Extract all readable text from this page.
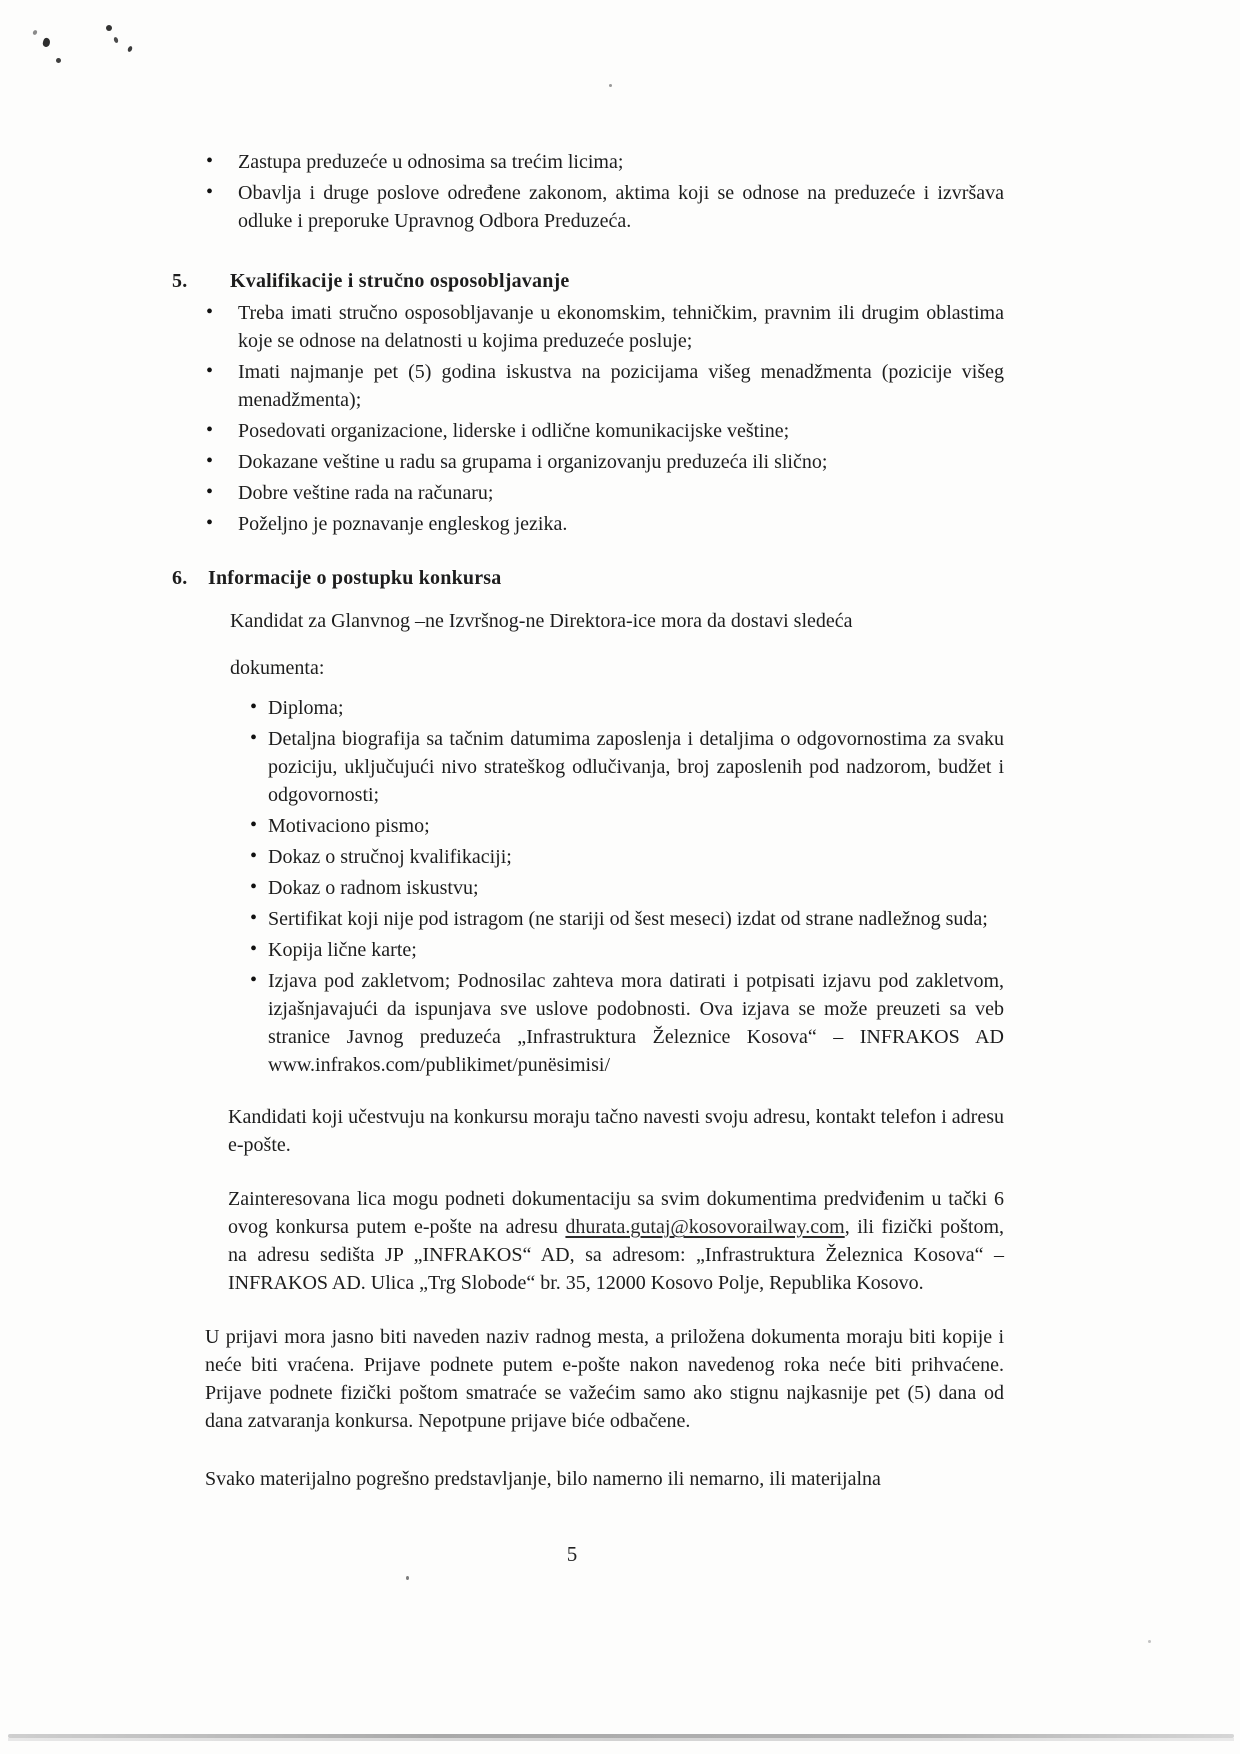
• Zastupa preduzeće u odnosima sa trećim licima;
• Obavlja i druge poslove određene zakonom, aktima koji se odnose na preduzeće i izvršava odluke i preporuke Upravnog Odbora Preduzeća.
5. Kvalifikacije i stručno osposobljavanje
• Treba imati stručno osposobljavanje u ekonomskim, tehničkim, pravnim ili drugim oblastima koje se odnose na delatnosti u kojima preduzeće posluje;
• Imati najmanje pet (5) godina iskustva na pozicijama višeg menadžmenta (pozicije višeg menadžmenta);
• Posedovati organizacione, liderske i odlične komunikacijske veštine;
• Dokazane veštine u radu sa grupama i organizovanju preduzeća ili slično;
• Dobre veštine rada na računaru;
• Poželjno je poznavanje engleskog jezika.
6. Informacije o postupku konkursa
Kandidat za Glanvnog –ne Izvršnog-ne Direktora-ice mora da dostavi sledeća
dokumenta:
• Diploma;
• Detaljna biografija sa tačnim datumima zaposlenja i detaljima o odgovornostima za svaku poziciju, uključujući nivo strateškog odlučivanja, broj zaposlenih pod nadzorom, budžet i odgovornosti;
• Motivaciono pismo;
• Dokaz o stručnoj kvalifikaciji;
• Dokaz o radnom iskustvu;
• Sertifikat koji nije pod istragom (ne stariji od šest meseci) izdat od strane nadležnog suda;
• Kopija lične karte;
• Izjava pod zakletvom; Podnosilac zahteva mora datirati i potpisati izjavu pod zakletvom, izjašnjavajući da ispunjava sve uslove podobnosti. Ova izjava se može preuzeti sa veb stranice Javnog preduzeća „Infrastruktura Železnice Kosova“ – INFRAKOS AD www.infrakos.com/publikimet/punësimisi/

Kandidati koji učestvuju na konkursu moraju tačno navesti svoju adresu, kontakt telefon i adresu e-pošte.

Zainteresovana lica mogu podneti dokumentaciju sa svim dokumentima predviđenim u tački 6 ovog konkursa putem e-pošte na adresu dhurata.gutaj@kosovorailway.com, ili fizički poštom, na adresu sedišta JP „INFRAKOS“ AD, sa adresom: „Infrastruktura Železnica Kosova“ – INFRAKOS AD. Ulica „Trg Slobode“ br. 35, 12000 Kosovo Polje, Republika Kosovo.

U prijavi mora jasno biti naveden naziv radnog mesta, a priložena dokumenta moraju biti kopije i neće biti vraćena. Prijave podnete putem e-pošte nakon navedenog roka neće biti prihvaćene. Prijave podnete fizički poštom smatraće se važećim samo ako stignu najkasnije pet (5) dana od dana zatvaranja konkursa. Nepotpune prijave biće odbačene.

Svako materijalno pogrešno predstavljanje, bilo namerno ili nemarno, ili materijalna

5
